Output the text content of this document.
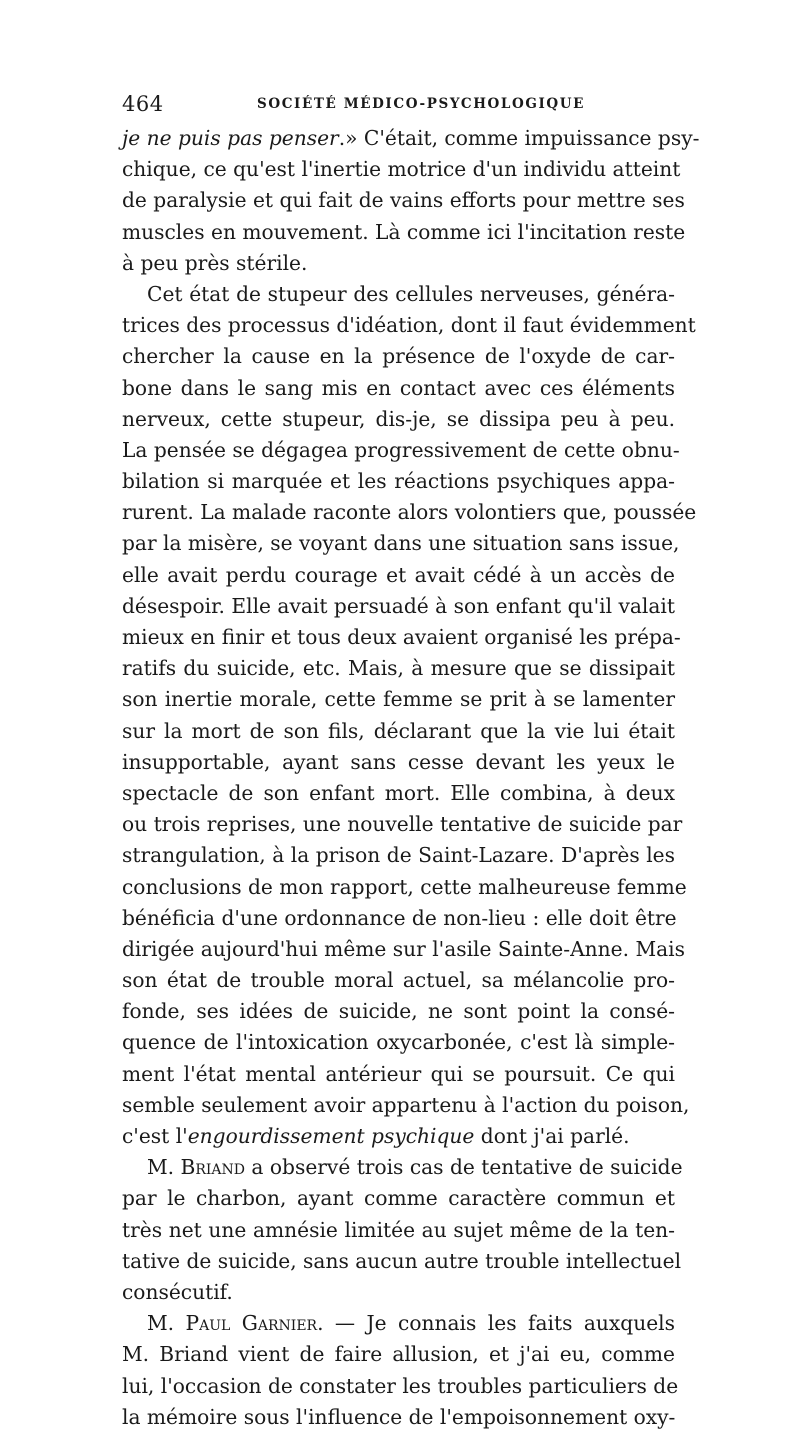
464	SOCIÉTÉ MÉDICO-PSYCHOLOGIQUE
je ne puis pas penser.» C'était, comme impuissance psy-
chique, ce qu'est l'inertie motrice d'un individu atteint
de paralysie et qui fait de vains efforts pour mettre ses
muscles en mouvement. Là comme ici l'incitation reste
à peu près stérile.
Cet état de stupeur des cellules nerveuses, généra-
trices des processus d'idéation, dont il faut évidemment
chercher la cause en la présence de l'oxyde de car-
bone dans le sang mis en contact avec ces éléments
nerveux, cette stupeur, dis-je, se dissipa peu à peu.
La pensée se dégagea progressivement de cette obnu-
bilation si marquée et les réactions psychiques appa-
rurent. La malade raconte alors volontiers que, poussée
par la misère, se voyant dans une situation sans issue,
elle avait perdu courage et avait cédé à un accès de
désespoir. Elle avait persuadé à son enfant qu'il valait
mieux en finir et tous deux avaient organisé les prépa-
ratifs du suicide, etc. Mais, à mesure que se dissipait
son inertie morale, cette femme se prit à se lamenter
sur la mort de son fils, déclarant que la vie lui était
insupportable, ayant sans cesse devant les yeux le
spectacle de son enfant mort. Elle combina, à deux
ou trois reprises, une nouvelle tentative de suicide par
strangulation, à la prison de Saint-Lazare. D'après les
conclusions de mon rapport, cette malheureuse femme
bénéficia d'une ordonnance de non-lieu : elle doit être
dirigée aujourd'hui même sur l'asile Sainte-Anne. Mais
son état de trouble moral actuel, sa mélancolie pro-
fonde, ses idées de suicide, ne sont point la consé-
quence de l'intoxication oxycarbonée, c'est là simple-
ment l'état mental antérieur qui se poursuit. Ce qui
semble seulement avoir appartenu à l'action du poison,
c'est l'engourdissement psychique dont j'ai parlé.
M. Briand a observé trois cas de tentative de suicide
par le charbon, ayant comme caractère commun et
très net une amnésie limitée au sujet même de la ten-
tative de suicide, sans aucun autre trouble intellectuel
consécutif.
M. Paul Garnier. — Je connais les faits auxquels
M. Briand vient de faire allusion, et j'ai eu, comme
lui, l'occasion de constater les troubles particuliers de
la mémoire sous l'influence de l'empoisonnement oxy-
